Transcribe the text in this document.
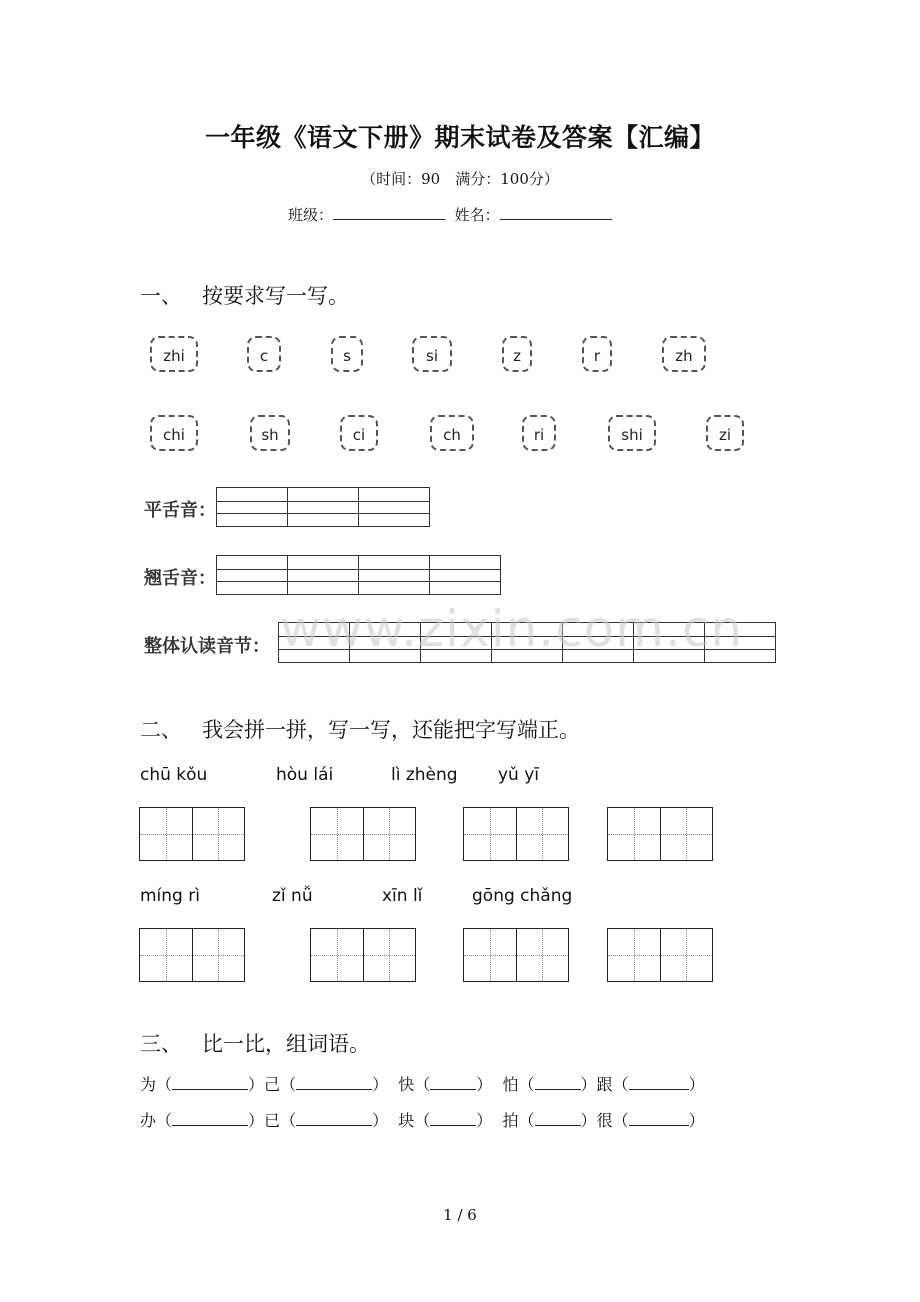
一年级《语文下册》期末试卷及答案【汇编】
（时间：90　满分：100分）
班级：	姓名：
一、 按要求写一写。
zhi	c	s	si	z	r	zh
chi	sh	ci	ch	ri	shi	zi
平舌音：
翘舌音：
整体认读音节： www.zixin.com.cn
二、 我会拼一拼，写一写，还能把字写端正。
chū kǒu	hòu lái	lì zhèng yǔ yī
míng rì	zǐ nǚ	xīn lǐ	gōng chǎng
三、 比一比，组词语。
为（	）己（	）  快（	）  怕（	）跟（	）
办（	）已（	）  块（	）  拍（	）很（	）
1 / 6
